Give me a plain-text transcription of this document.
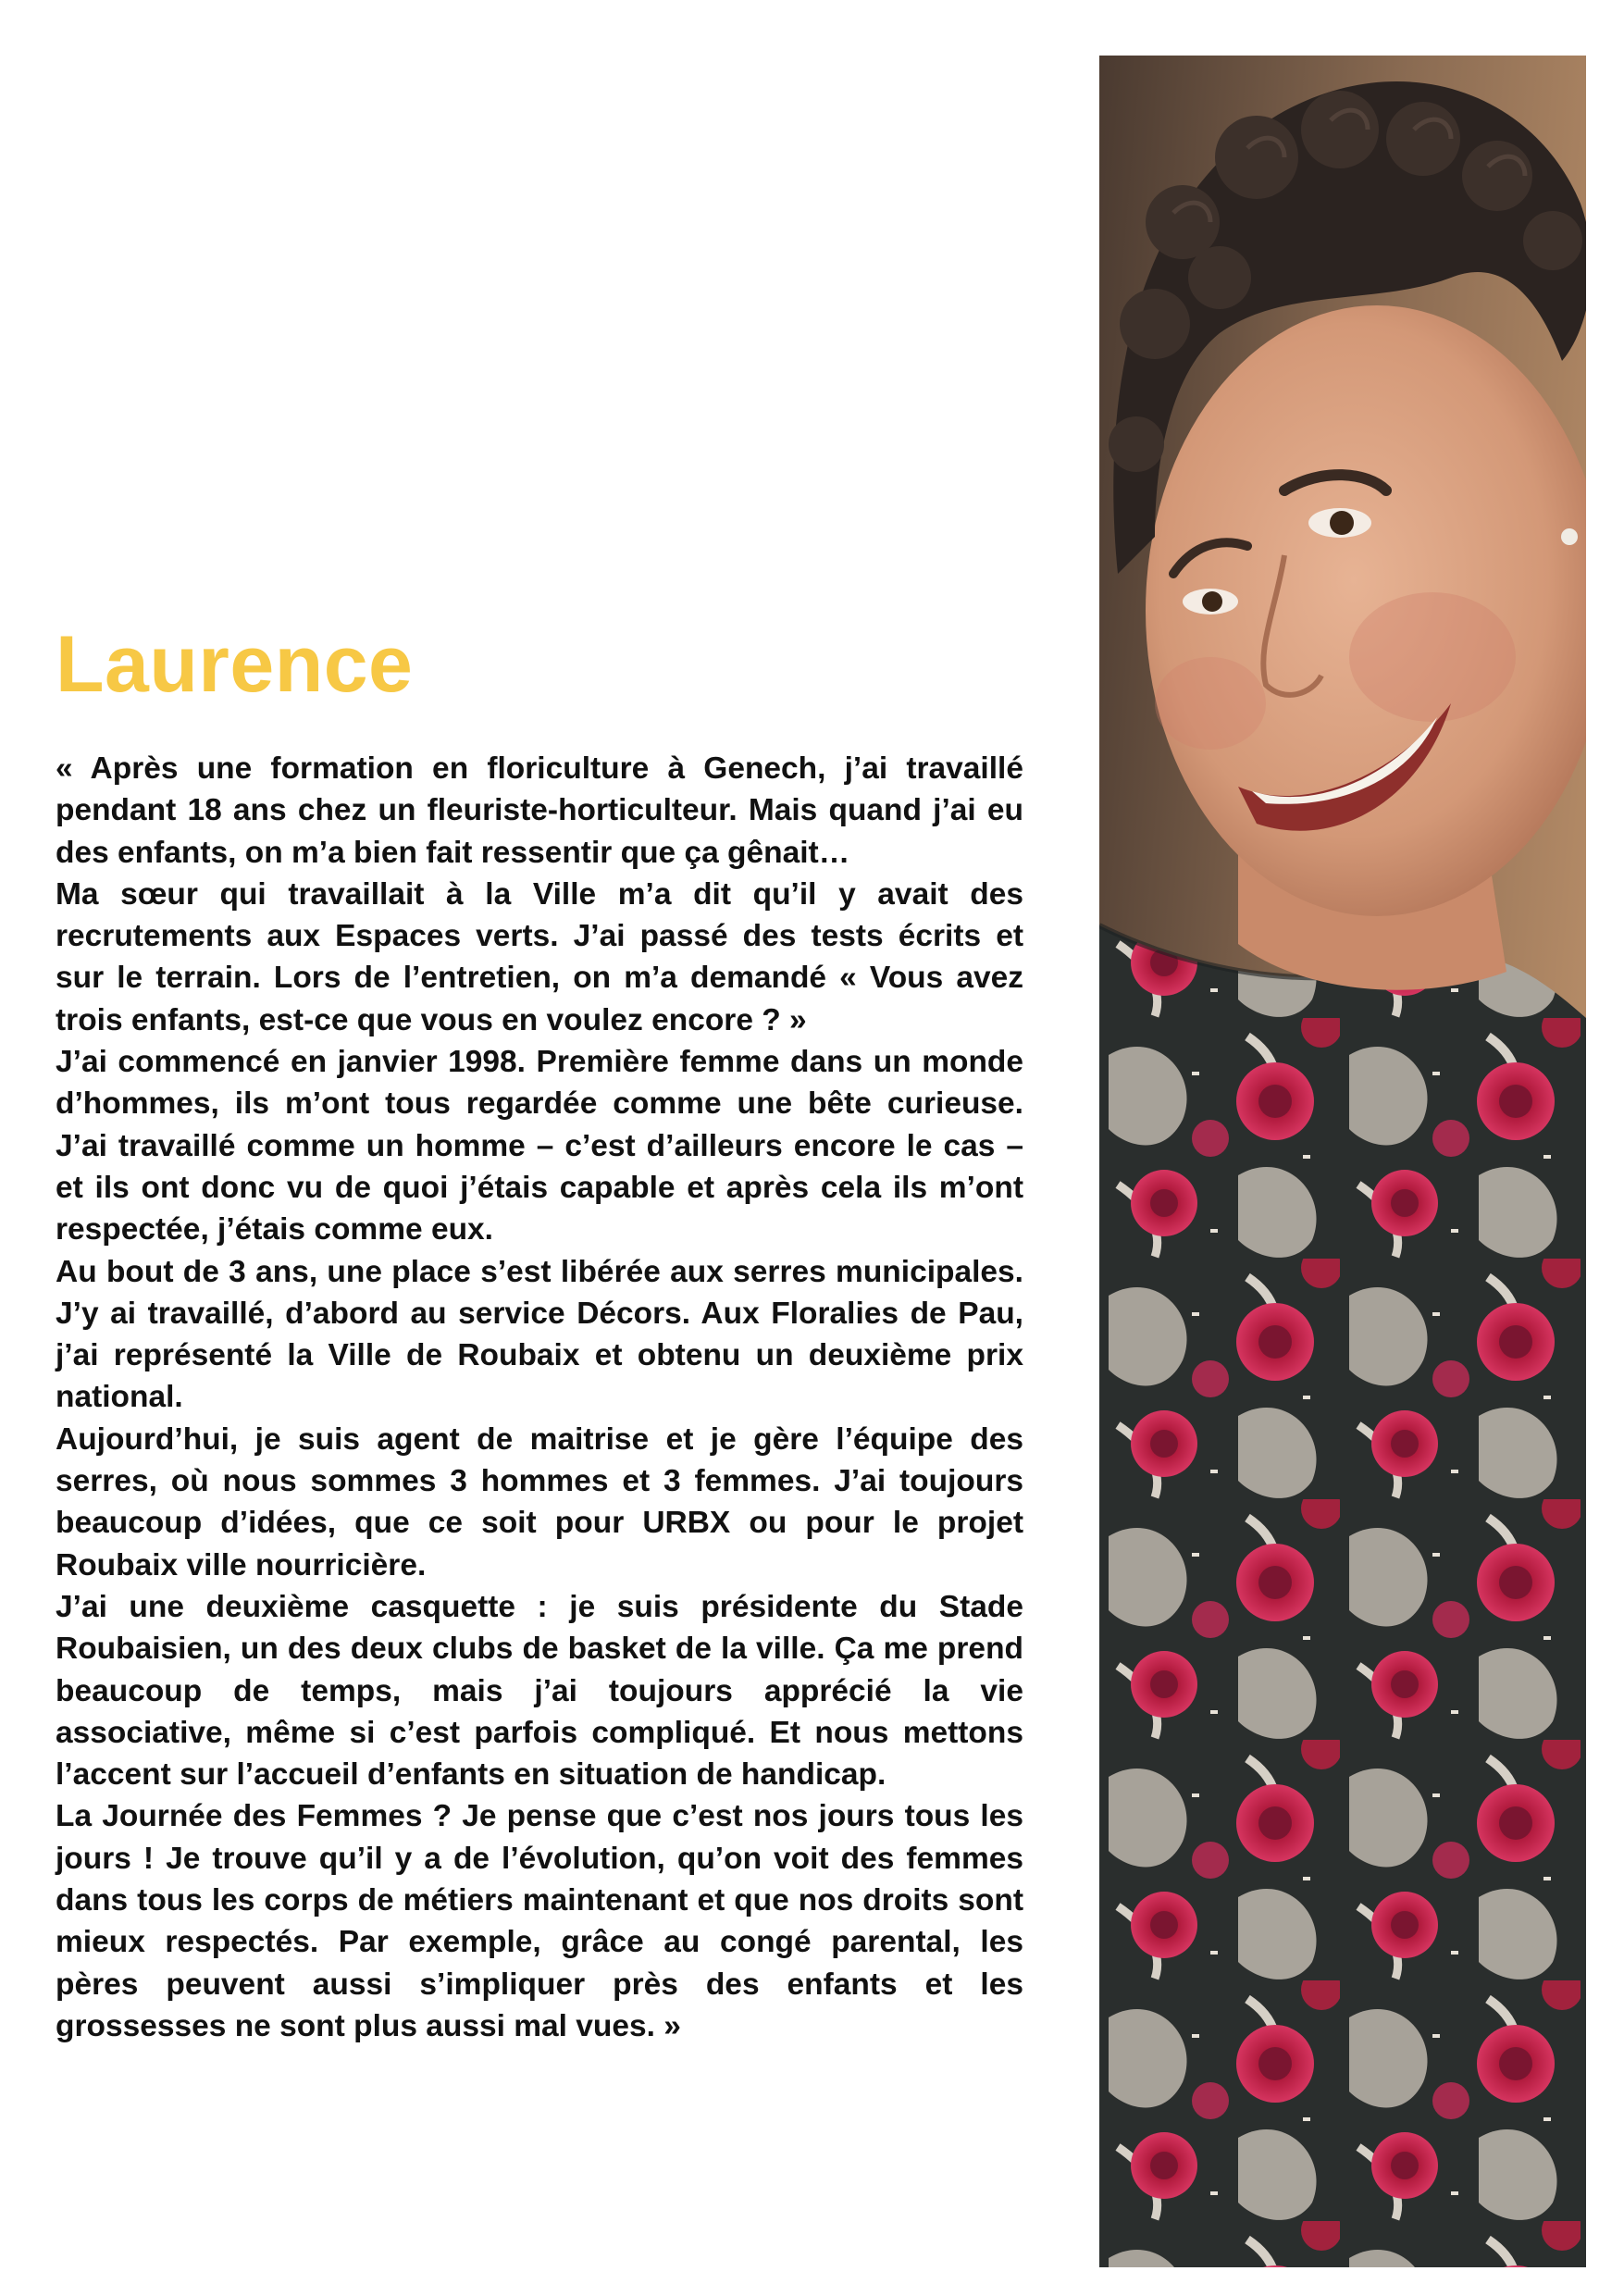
Laurence

« Après une formation en floriculture à Genech, j’ai travaillé pendant 18 ans chez un fleuriste-horticulteur. Mais quand j’ai eu des enfants, on m’a bien fait ressentir que ça gênait…

Ma sœur qui travaillait à la Ville m’a dit qu’il y avait des recrutements aux Espaces verts. J’ai passé des tests écrits et sur le terrain. Lors de l’entretien, on m’a demandé « Vous avez trois enfants, est-ce que vous en voulez encore ? »

J’ai commencé en janvier 1998. Première femme dans un monde d’hommes, ils m’ont tous regardée comme une bête curieuse. J’ai travaillé comme un homme – c’est d’ailleurs encore le cas – et ils ont donc vu de quoi j’étais capable et après cela ils m’ont respectée, j’étais comme eux.

Au bout de 3 ans, une place s’est libérée aux serres municipales. J’y ai travaillé, d’abord au service Décors. Aux Floralies de Pau, j’ai représenté la Ville de Roubaix et obtenu un deuxième prix national.

Aujourd’hui, je suis agent de maitrise et je gère l’équipe des serres, où nous sommes 3 hommes et 3 femmes. J’ai toujours beaucoup d’idées, que ce soit pour URBX ou pour le projet Roubaix ville nourricière.

J’ai une deuxième casquette : je suis présidente du Stade Roubaisien, un des deux clubs de basket de la ville. Ça me prend beaucoup de temps, mais j’ai toujours apprécié la vie associative, même si c’est parfois compliqué. Et nous mettons l’accent sur l’accueil d’enfants en situation de handicap.

La Journée des Femmes ? Je pense que c’est nos jours tous les jours ! Je trouve qu’il y a de l’évolution, qu’on voit des femmes dans tous les corps de métiers maintenant et que nos droits sont mieux respectés. Par exemple, grâce au congé parental, les pères peuvent aussi s’impliquer près des enfants et les grossesses ne sont plus aussi mal vues. »
